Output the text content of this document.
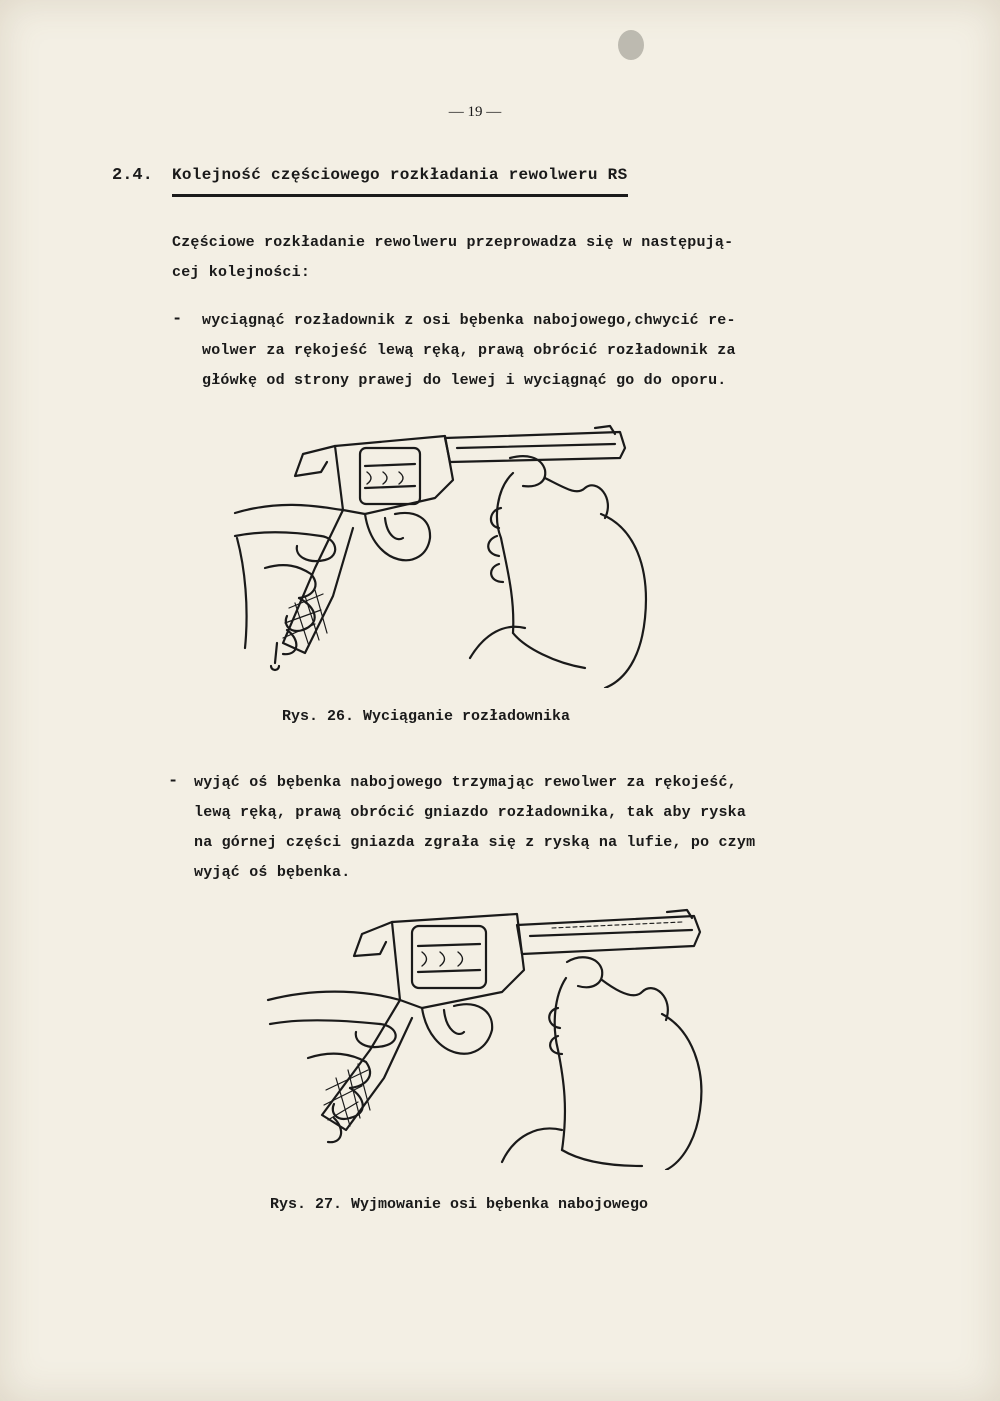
— 19 —
2.4. Kolejność częściowego rozkładania rewolweru RS
Częściowe rozkładanie rewolweru przeprowadza się w następują-
cej kolejności:
- wyciągnąć rozładownik z osi bębenka nabojowego,chwycić re-
wolwer za rękojeść lewą ręką, prawą obrócić rozładownik za
główkę od strony prawej do lewej i wyciągnąć go do oporu.
Rys. 26. Wyciąganie rozładownika
- wyjąć oś bębenka nabojowego trzymając rewolwer za rękojeść,
lewą ręką, prawą obrócić gniazdo rozładownika, tak aby ryska
na górnej części gniazda zgrała się z ryską na lufie, po czym
wyjąć oś bębenka.
Rys. 27. Wyjmowanie osi bębenka nabojowego
